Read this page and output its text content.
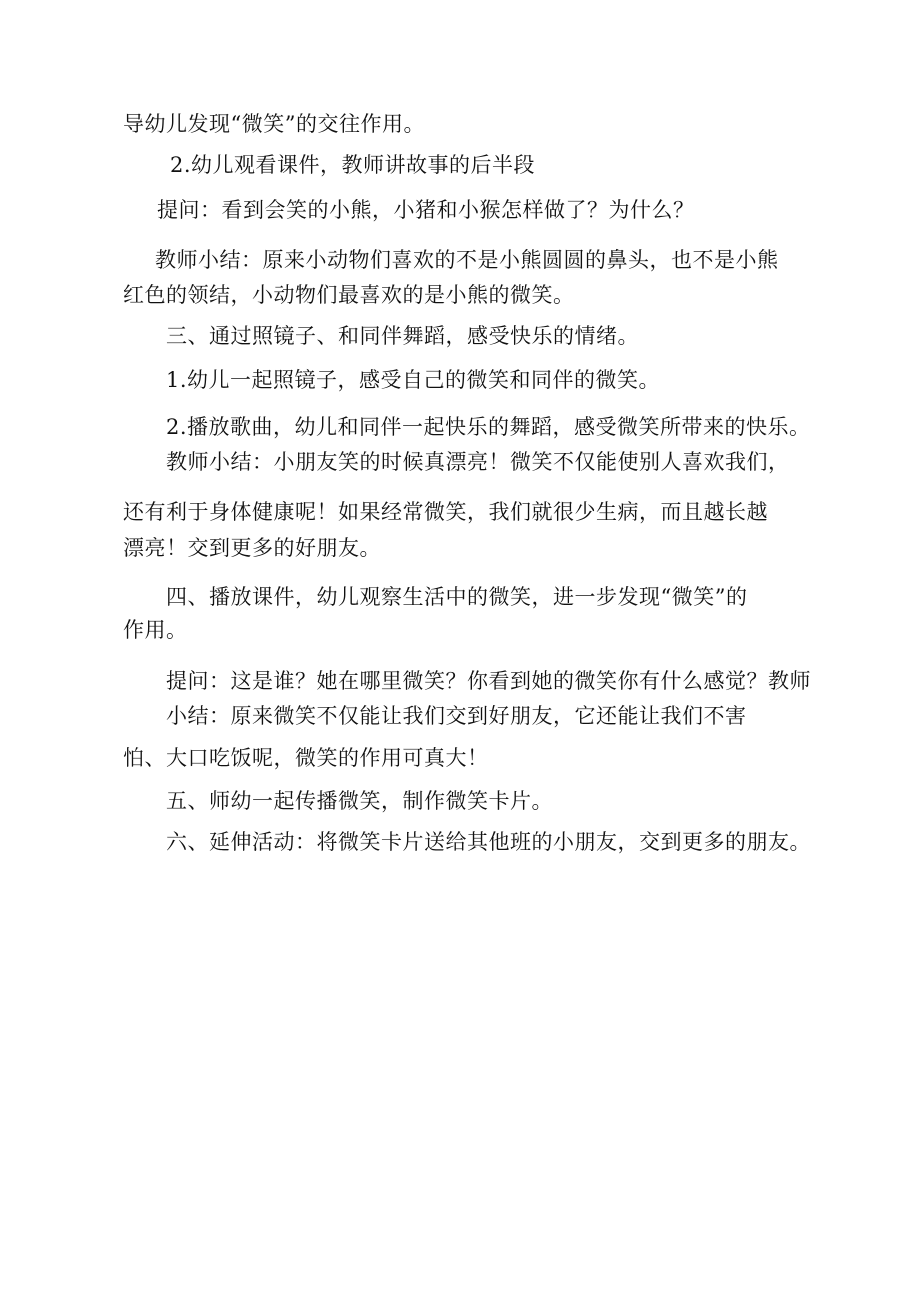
导幼儿发现“微笑”的交往作用。
2.幼儿观看课件，教师讲故事的后半段
提问：看到会笑的小熊，小猪和小猴怎样做了？为什么？
教师小结：原来小动物们喜欢的不是小熊圆圆的鼻头，也不是小熊
红色的领结，小动物们最喜欢的是小熊的微笑。
三、通过照镜子、和同伴舞蹈，感受快乐的情绪。
1.幼儿一起照镜子，感受自己的微笑和同伴的微笑。
2.播放歌曲，幼儿和同伴一起快乐的舞蹈，感受微笑所带来的快乐。
教师小结：小朋友笑的时候真漂亮！微笑不仅能使别人喜欢我们，
还有利于身体健康呢！如果经常微笑，我们就很少生病，而且越长越
漂亮！交到更多的好朋友。
四、播放课件，幼儿观察生活中的微笑，进一步发现“微笑”的
作用。
提问：这是谁？她在哪里微笑？你看到她的微笑你有什么感觉？教师
小结：原来微笑不仅能让我们交到好朋友，它还能让我们不害
怕、大口吃饭呢，微笑的作用可真大！
五、师幼一起传播微笑，制作微笑卡片。
六、延伸活动：将微笑卡片送给其他班的小朋友，交到更多的朋友。
